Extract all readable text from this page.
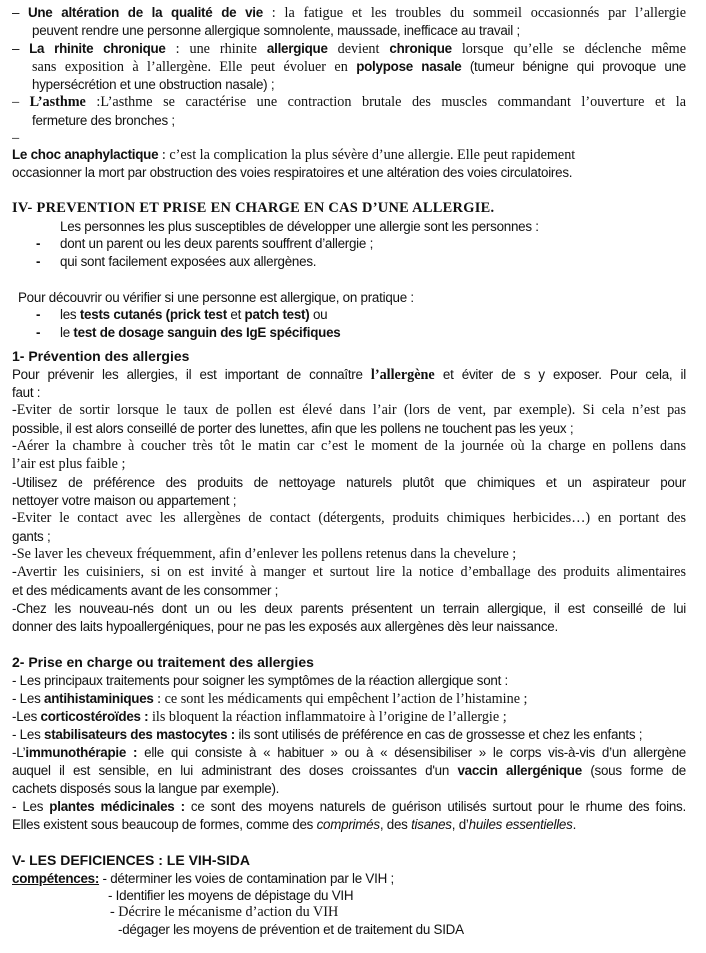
– Une altération de la qualité de vie : la fatigue et les troubles du sommeil occasionnés par l’allergie
peuvent rendre une personne allergique somnolente, maussade, inefficace au travail ;
– La rhinite chronique : une rhinite allergique devient chronique lorsque qu’elle se déclenche même
sans exposition à l’allergène. Elle peut évoluer en polypose nasale (tumeur bénigne qui provoque une
hypersécrétion et une obstruction nasale) ;
– L’asthme :L’asthme se caractérise une contraction brutale des muscles commandant l’ouverture et la
fermeture des bronches ;
–
Le choc anaphylactique : c’est la complication la plus sévère d’une allergie. Elle peut rapidement
occasionner la mort par obstruction des voies respiratoires et une altération des voies circulatoires.
IV- PREVENTION ET PRISE EN CHARGE EN CAS D’UNE ALLERGIE.
Les personnes les plus susceptibles de développer une allergie sont les personnes :
- dont un parent ou les deux parents souffrent d’allergie ;
- qui sont facilement exposées aux allergènes.
Pour découvrir ou vérifier si une personne est allergique, on pratique :
- les tests cutanés (prick test et patch test) ou
- le test de dosage sanguin des IgE spécifiques
1- Prévention des allergies
Pour prévenir les allergies, il est important de connaître l’allergène et éviter de s y exposer. Pour cela, il
faut :
-Eviter de sortir lorsque le taux de pollen est élevé dans l’air (lors de vent, par exemple). Si cela n’est pas
possible, il est alors conseillé de porter des lunettes, afin que les pollens ne touchent pas les yeux ;
-Aérer la chambre à coucher très tôt le matin car c’est le moment de la journée où la charge en pollens dans
l’air est plus faible ;
-Utilisez de préférence des produits de nettoyage naturels plutôt que chimiques et un aspirateur pour
nettoyer votre maison ou appartement ;
-Eviter le contact avec les allergènes de contact (détergents, produits chimiques herbicides…) en portant des
gants ;
-Se laver les cheveux fréquemment, afin d’enlever les pollens retenus dans la chevelure ;
-Avertir les cuisiniers, si on est invité à manger et surtout lire la notice d’emballage des produits alimentaires
et des médicaments avant de les consommer ;
-Chez les nouveau-nés dont un ou les deux parents présentent un terrain allergique, il est conseillé de lui
donner des laits hypoallergéniques, pour ne pas les exposés aux allergènes dès leur naissance.
2- Prise en charge ou traitement des allergies
- Les principaux traitements pour soigner les symptômes de la réaction allergique sont :
- Les antihistaminiques : ce sont les médicaments qui empêchent l’action de l’histamine ;
-Les corticostéroïdes : ils bloquent la réaction inflammatoire à l’origine de l’allergie ;
- Les stabilisateurs des mastocytes : ils sont utilisés de préférence en cas de grossesse et chez les enfants ;
-L’immunothérapie : elle qui consiste à « habituer » ou à « désensibiliser » le corps vis-à-vis d’un allergène
auquel il est sensible, en lui administrant des doses croissantes d'un vaccin allergénique (sous forme de
cachets disposés sous la langue par exemple).
- Les plantes médicinales : ce sont des moyens naturels de guérison utilisés surtout pour le rhume des foins.
Elles existent sous beaucoup de formes, comme des comprimés, des tisanes, d’huiles essentielles.
V- LES DEFICIENCES : LE VIH-SIDA
compétences: - déterminer les voies de contamination par le VIH ;
- Identifier les moyens de dépistage du VIH
- Décrire le mécanisme d’action du VIH
-dégager les moyens de prévention et de traitement du SIDA
